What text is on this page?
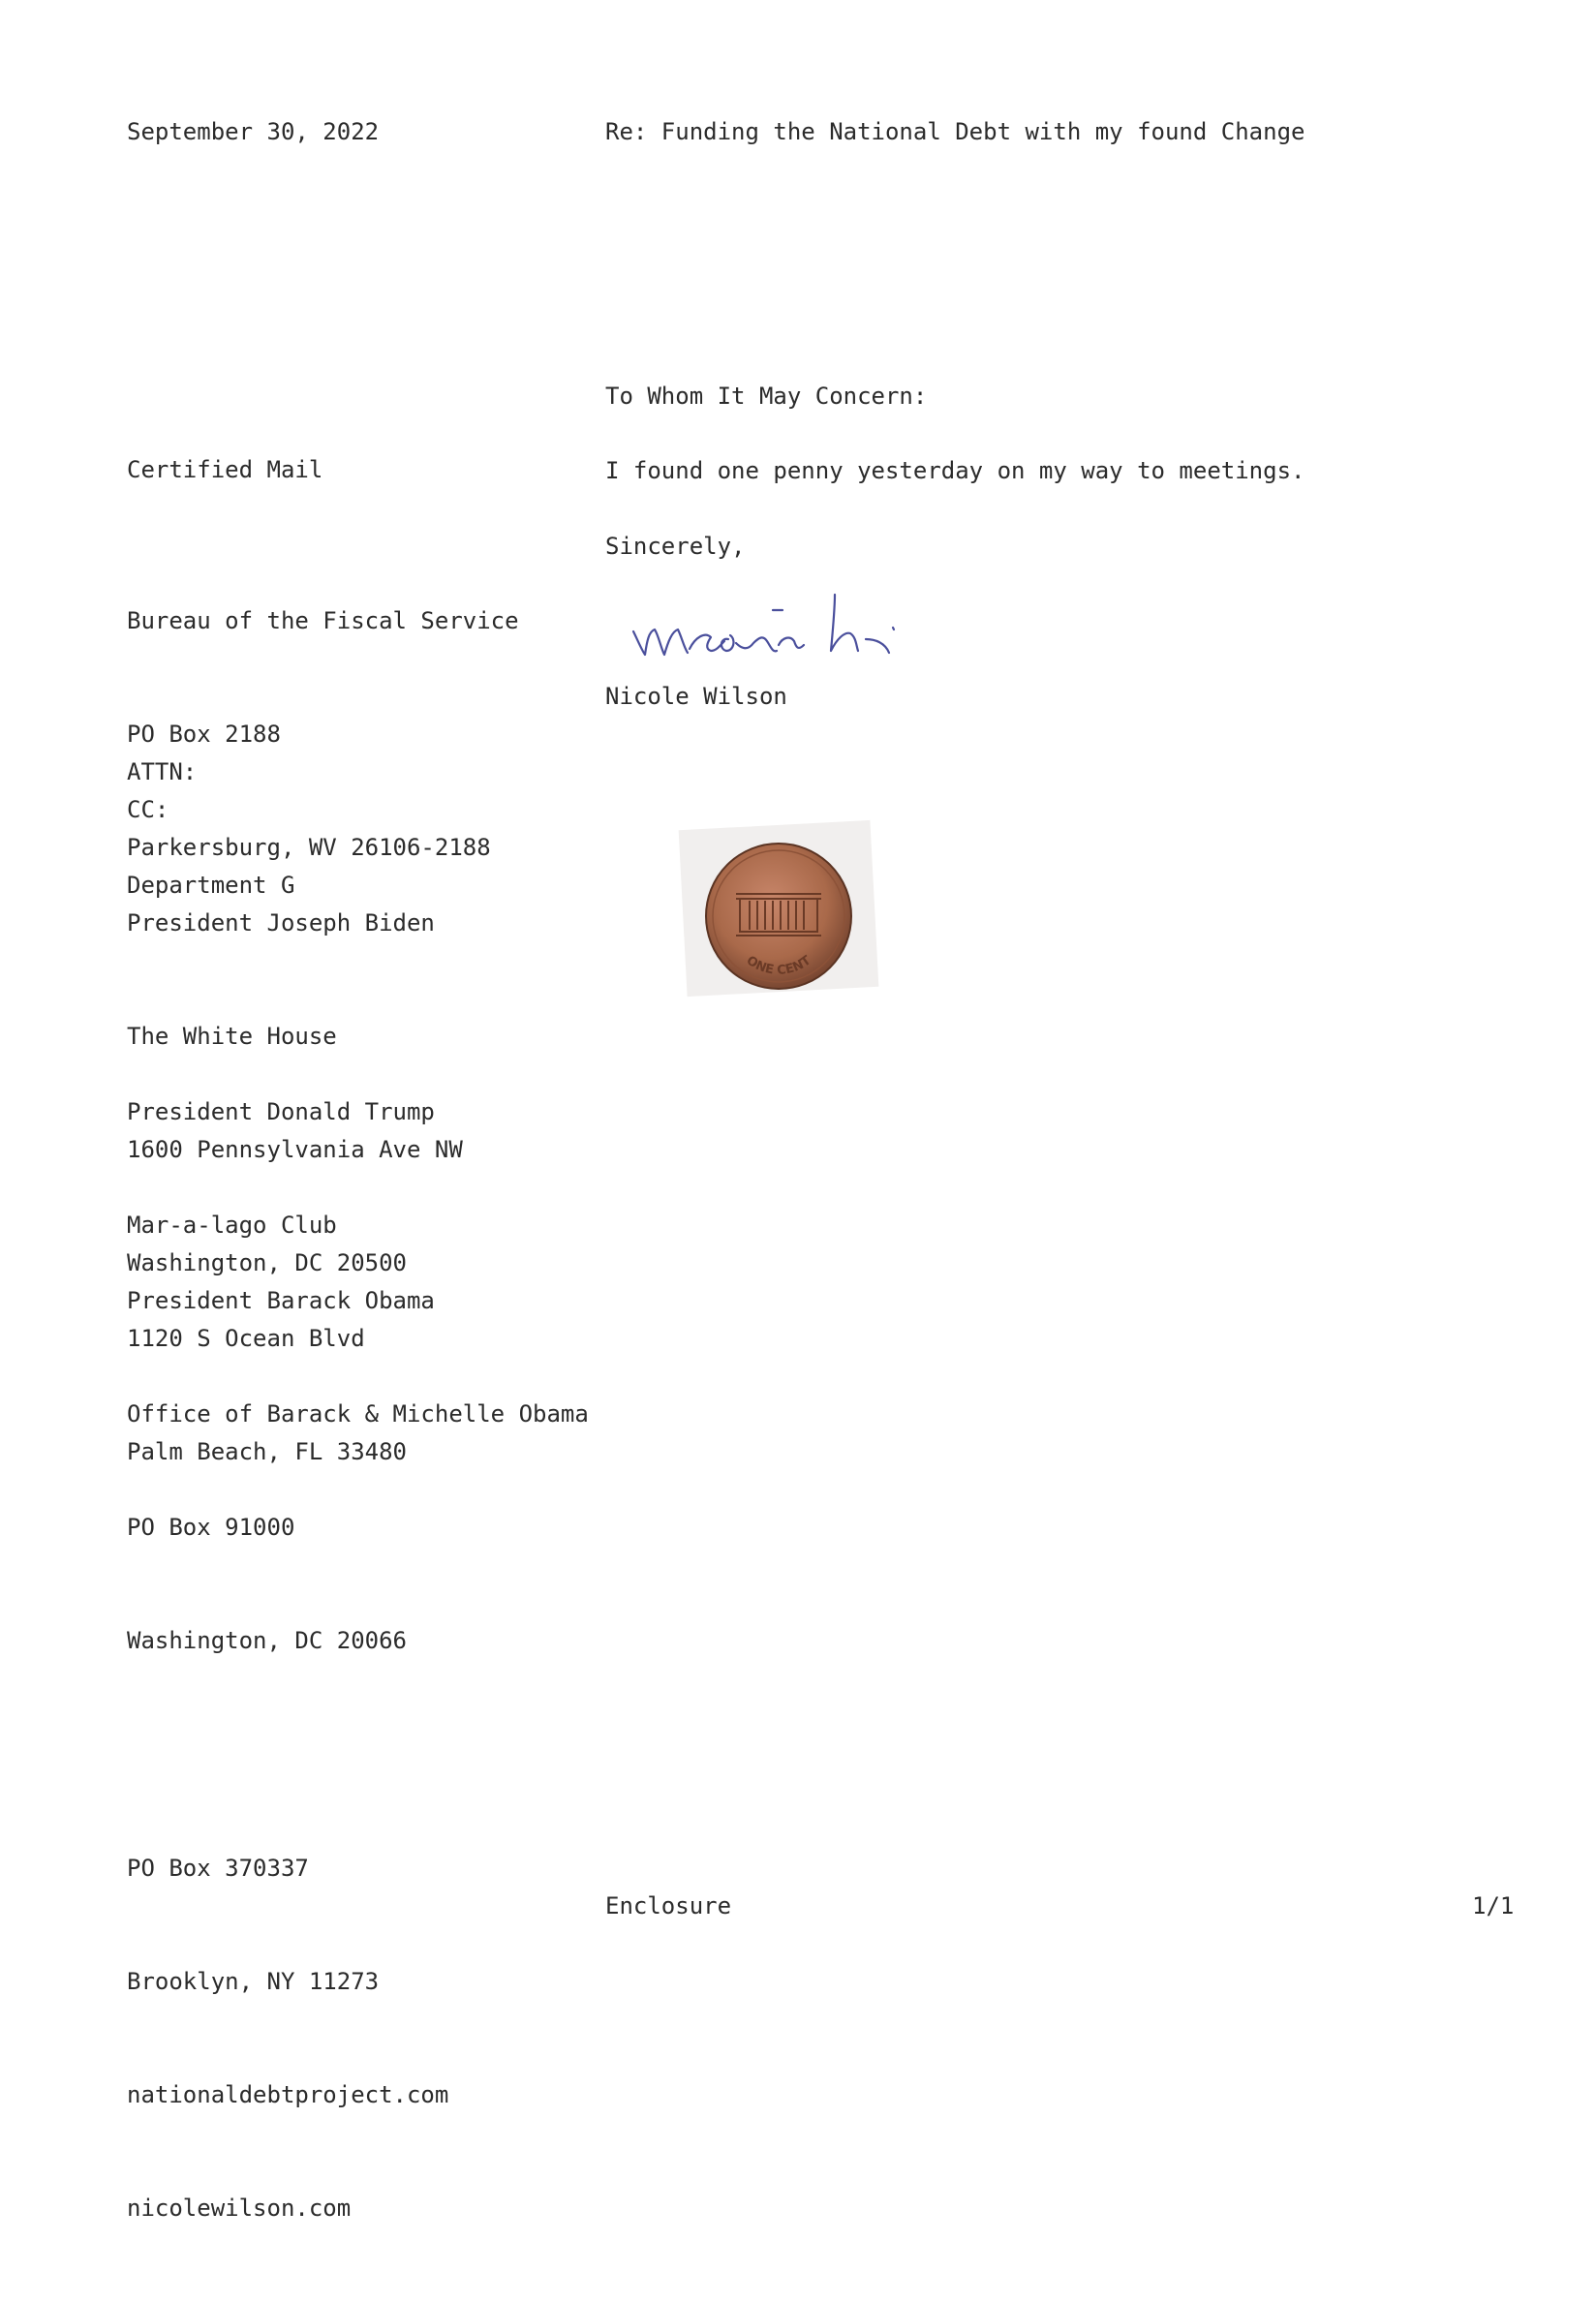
September 30, 2022	Re: Funding the National Debt with my found Change
To Whom It May Concern:
I found one penny yesterday on my way to meetings.
Sincerely,
Nicole Wilson
Certified Mail

Bureau of the Fiscal Service

PO Box 2188

Parkersburg, WV 26106-2188

ATTN:

Department G

CC:

President Joseph Biden

The White House

1600 Pennsylvania Ave NW

Washington, DC 20500

President Donald Trump

Mar-a-lago Club

1120 S Ocean Blvd

Palm Beach, FL 33480

President Barack Obama

Office of Barack & Michelle Obama

PO Box 91000

Washington, DC 20066

ONE CENT

PO Box 370337

Brooklyn, NY 11273

nationaldebtproject.com

nicolewilson.com

Enclosure	1/1
